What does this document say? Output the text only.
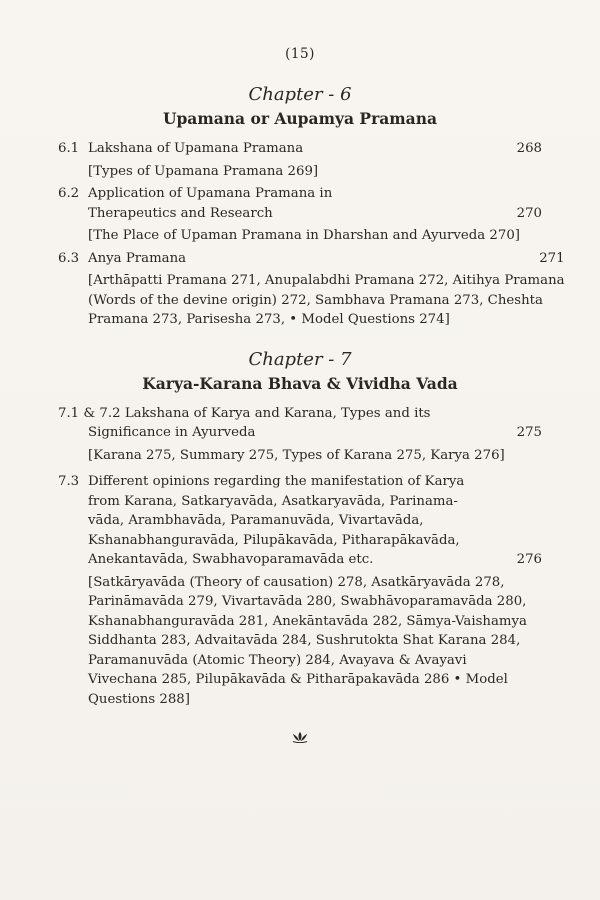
(15)
Chapter - 6
Upamana or Aupamya Pramana
6.1 Lakshana of Upamana Pramana	268
[Types of Upamana Pramana 269]
6.2 Application of Upamana Pramana in
Therapeutics and Research	270
[The Place of Upaman Pramana in Dharshan and Ayurveda 270]
6.3 Anya Pramana	271
[Arthāpatti Pramana 271, Anupalabdhi Pramana 272, Aitihya Pramana
(Words of the devine origin) 272, Sambhava Pramana 273, Cheshta
Pramana 273, Parisesha 273, • Model Questions 274]
Chapter - 7
Karya-Karana Bhava & Vividha Vada
7.1 & 7.2 Lakshana of Karya and Karana, Types and its
Significance in Ayurveda	275
[Karana 275, Summary 275, Types of Karana 275, Karya 276]
7.3 Different opinions regarding the manifestation of Karya
from Karana, Satkaryavāda, Asatkaryavāda, Parinama-
vāda, Arambhavāda, Paramanuvāda, Vivartavāda,
Kshanabhanguravāda, Pilupākavāda, Pitharapākavāda,
Anekantavāda, Swabhavoparamavāda etc.	276
[Satkāryavāda (Theory of causation) 278, Asatkāryavāda 278,
Parināmavāda 279, Vivartavāda 280, Swabhāvoparamavāda 280,
Kshanabhanguravāda 281, Anekāntavāda 282, Sāmya-Vaishamya
Siddhanta 283, Advaitavāda 284, Sushrutokta Shat Karana 284,
Paramanuvāda (Atomic Theory) 284, Avayava & Avayavi
Vivechana 285, Pilupākavāda & Pitharāpakavāda 286 • Model
Questions 288]
